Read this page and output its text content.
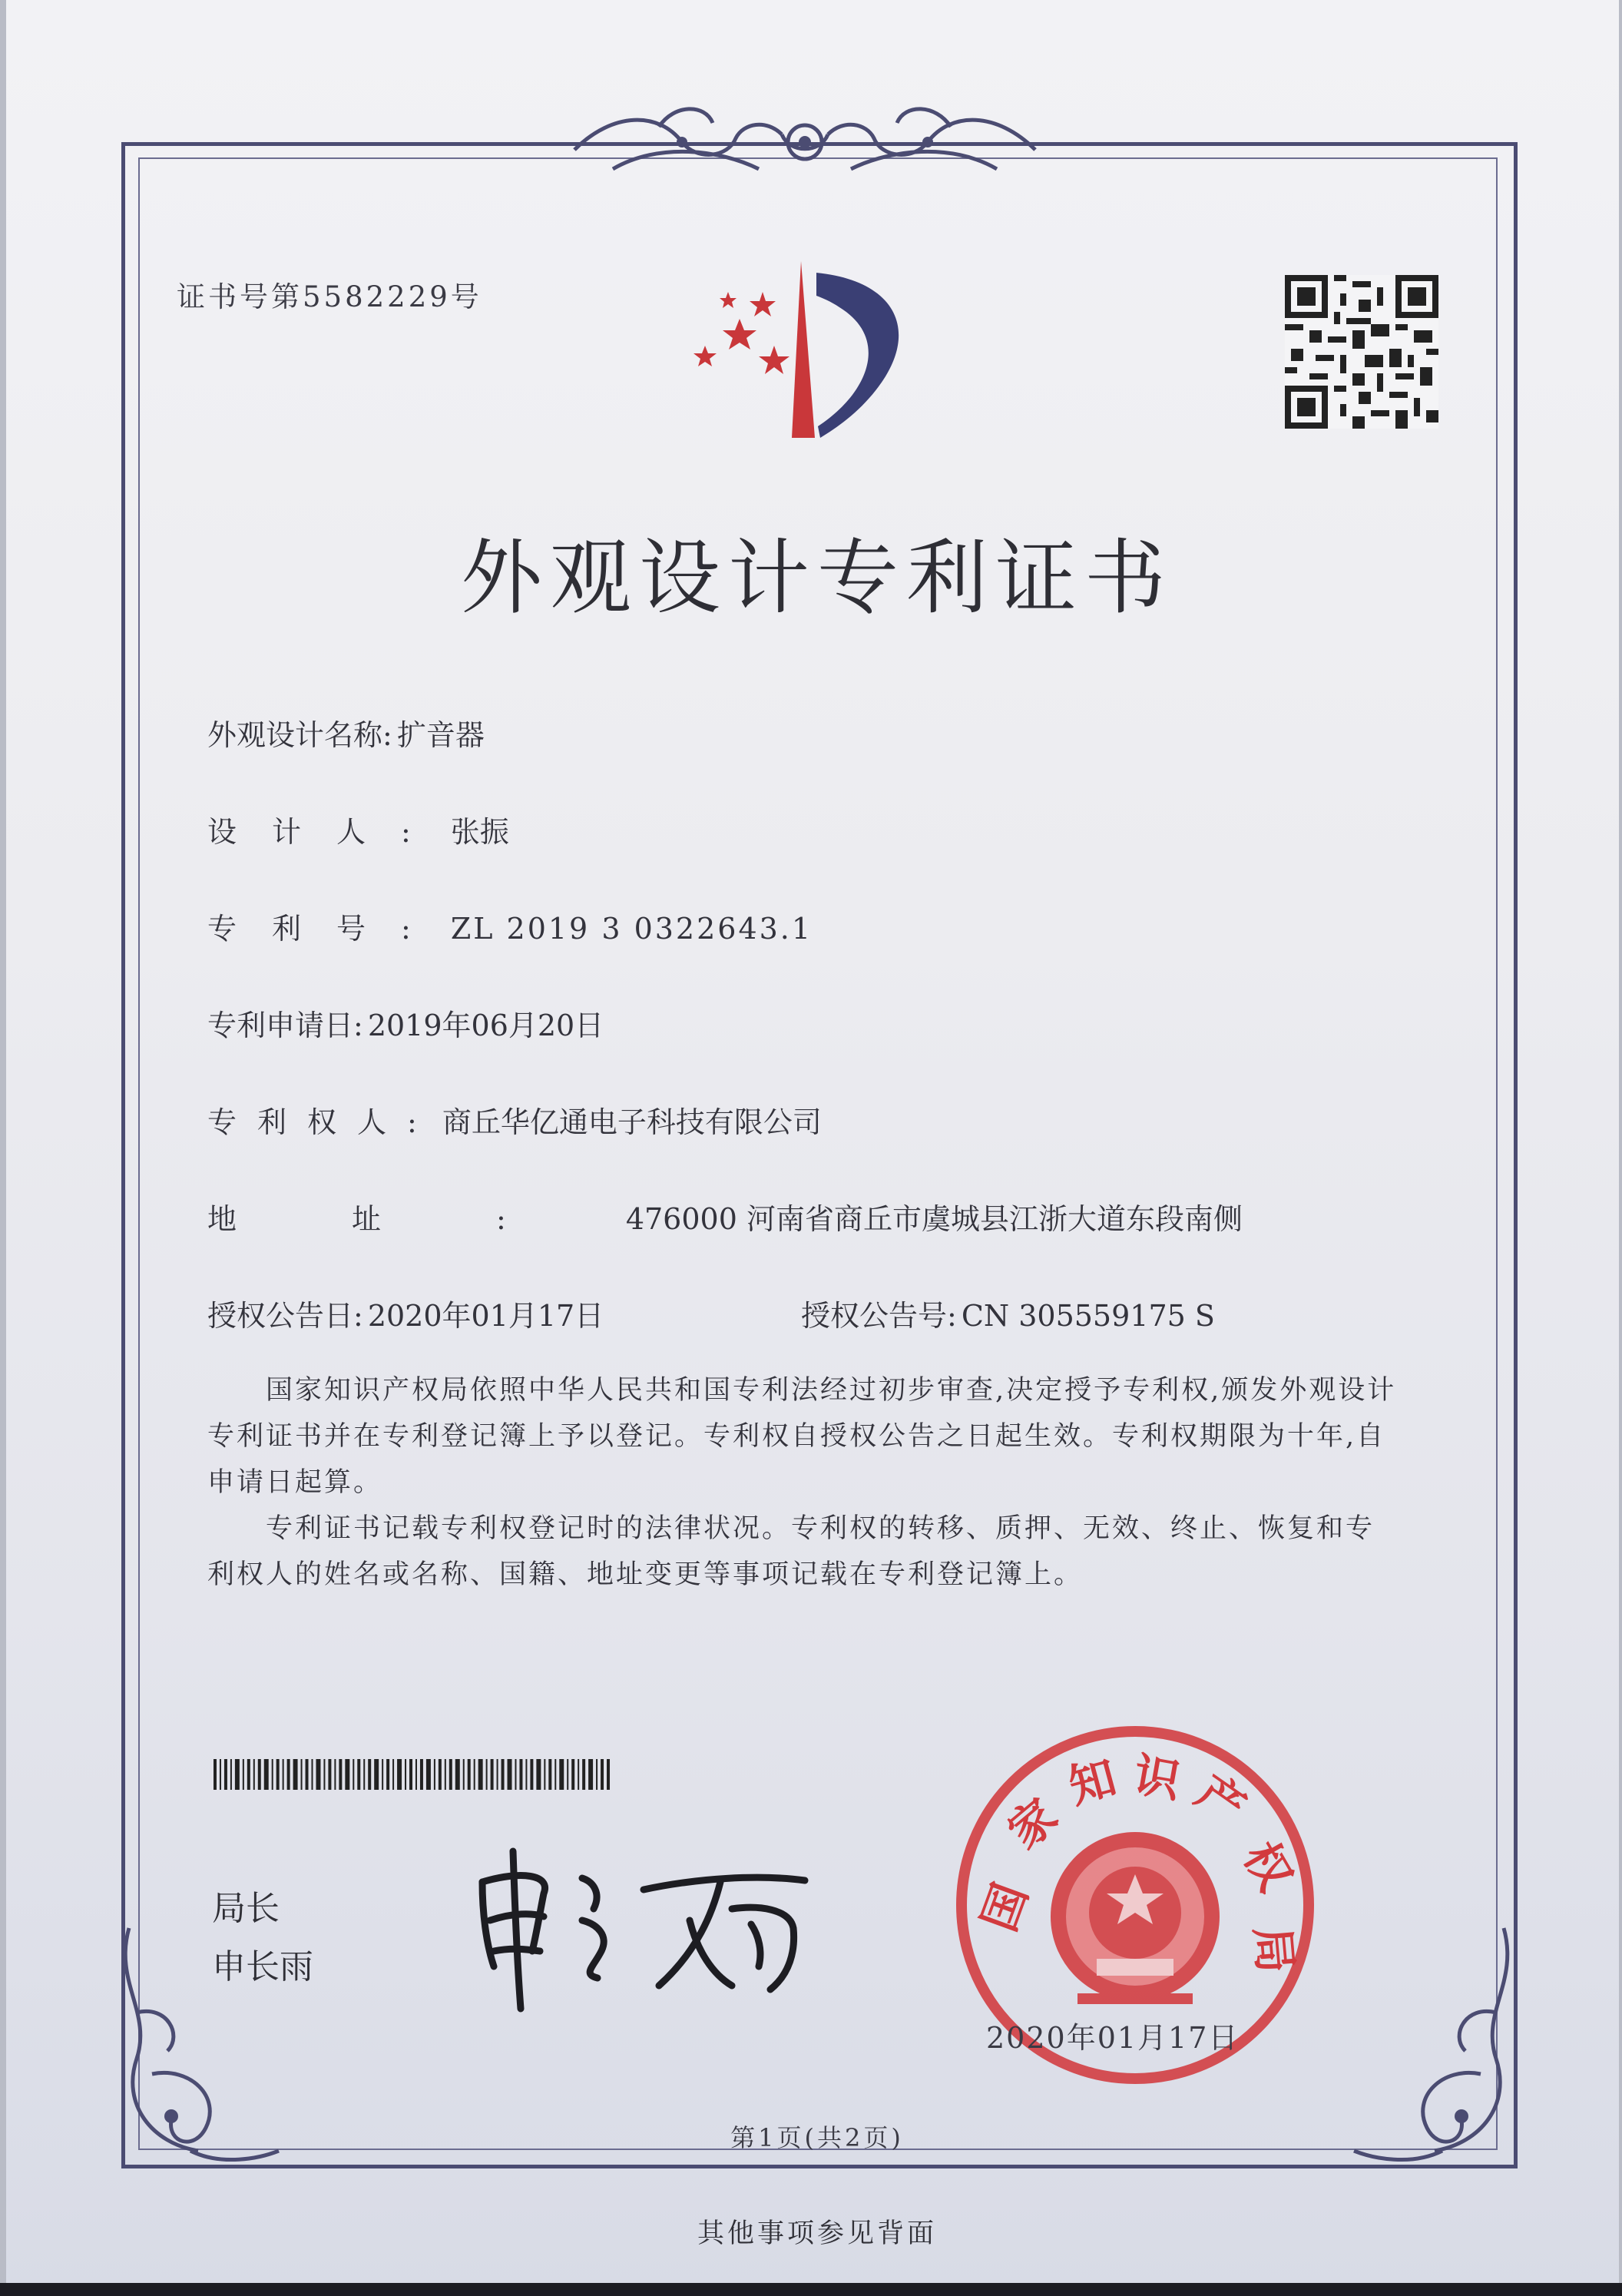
证书号第5582229号
外观设计专利证书
外观设计名称: 扩音器
设计人: 张振
专利号: ZL 2019 3 0322643.1
专利申请日: 2019年06月20日
专利权人: 商丘华亿通电子科技有限公司
地址: 476000 河南省商丘市虞城县江浙大道东段南侧
授权公告日: 2020年01月17日	授权公告号: CN 305559175 S
国家知识产权局依照中华人民共和国专利法经过初步审查,决定授予专利权,颁发外观设计专利证书并在专利登记簿上予以登记。专利权自授权公告之日起生效。专利权期限为十年,自申请日起算。
专利证书记载专利权登记时的法律状况。专利权的转移、质押、无效、终止、恢复和专利权人的姓名或名称、国籍、地址变更等事项记载在专利登记簿上。
局长
申长雨
家
知 识 产
权
局
国
2020年01月17日
第1页(共2页)
其他事项参见背面
